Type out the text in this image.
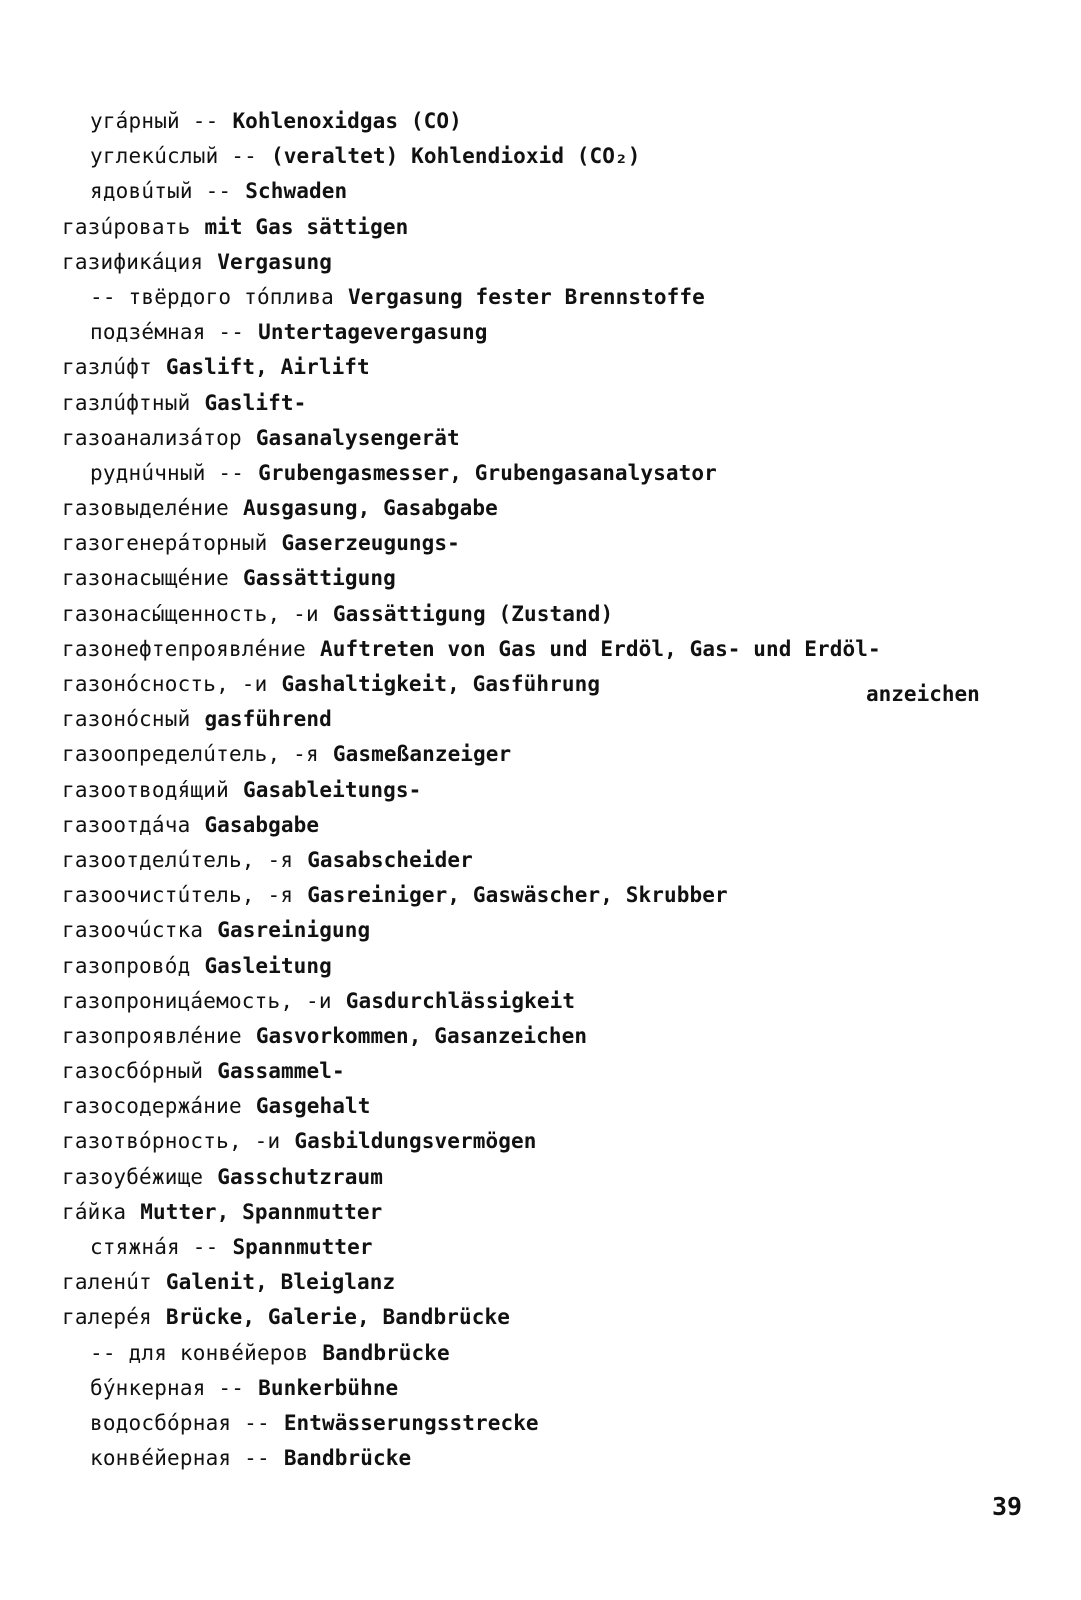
угáрный -- Kohlenoxidgas (CO)
углекúслый -- (veraltet) Kohlendioxid (CO₂)
ядовúтый -- Schwaden
газúровать mit Gas sättigen
газификáция Vergasung
-- твёрдого тóплива Vergasung fester Brennstoffe
подзéмная -- Untertagevergasung
газлúфт Gaslift, Airlift
газлúфтный Gaslift-
газоанализáтор Gasanalysengerät
руднúчный -- Grubengasmesser, Grubengasanalysator
газовыделéние Ausgasung, Gasabgabe
газогенерáторный Gaserzeugungs-
газонасыщéние Gassättigung
газонасы́щенность, -и Gassättigung (Zustand)
газонефтепроявлéние Auftreten von Gas und Erdöl, Gas- und Erdöl-
газонóсность, -и Gashaltigkeit, Gasführung
газонóсный gasführend
газоопределúтель, -я Gasmeßanzeiger
газоотводя́щий Gasableitungs-
газоотдáча Gasabgabe
газоотделúтель, -я Gasabscheider
газоочистúтель, -я Gasreiniger, Gaswäscher, Skrubber
газоочúстка Gasreinigung
газопровóд Gasleitung
газопроницáемость, -и Gasdurchlässigkeit
газопроявлéние Gasvorkommen, Gasanzeichen
газосбóрный Gassammel-
газосодержáние Gasgehalt
газотвóрность, -и Gasbildungsvermögen
газоубéжище Gasschutzraum
гáйка Mutter, Spannmutter
стяжнáя -- Spannmutter
галенúт Galenit, Bleiglanz
галерéя Brücke, Galerie, Bandbrücke
-- для конвéйеров Bandbrücke
бýнкерная -- Bunkerbühne
водосбóрная -- Entwässerungsstrecke
конвéйерная -- Bandbrücke
anzeichen
39
